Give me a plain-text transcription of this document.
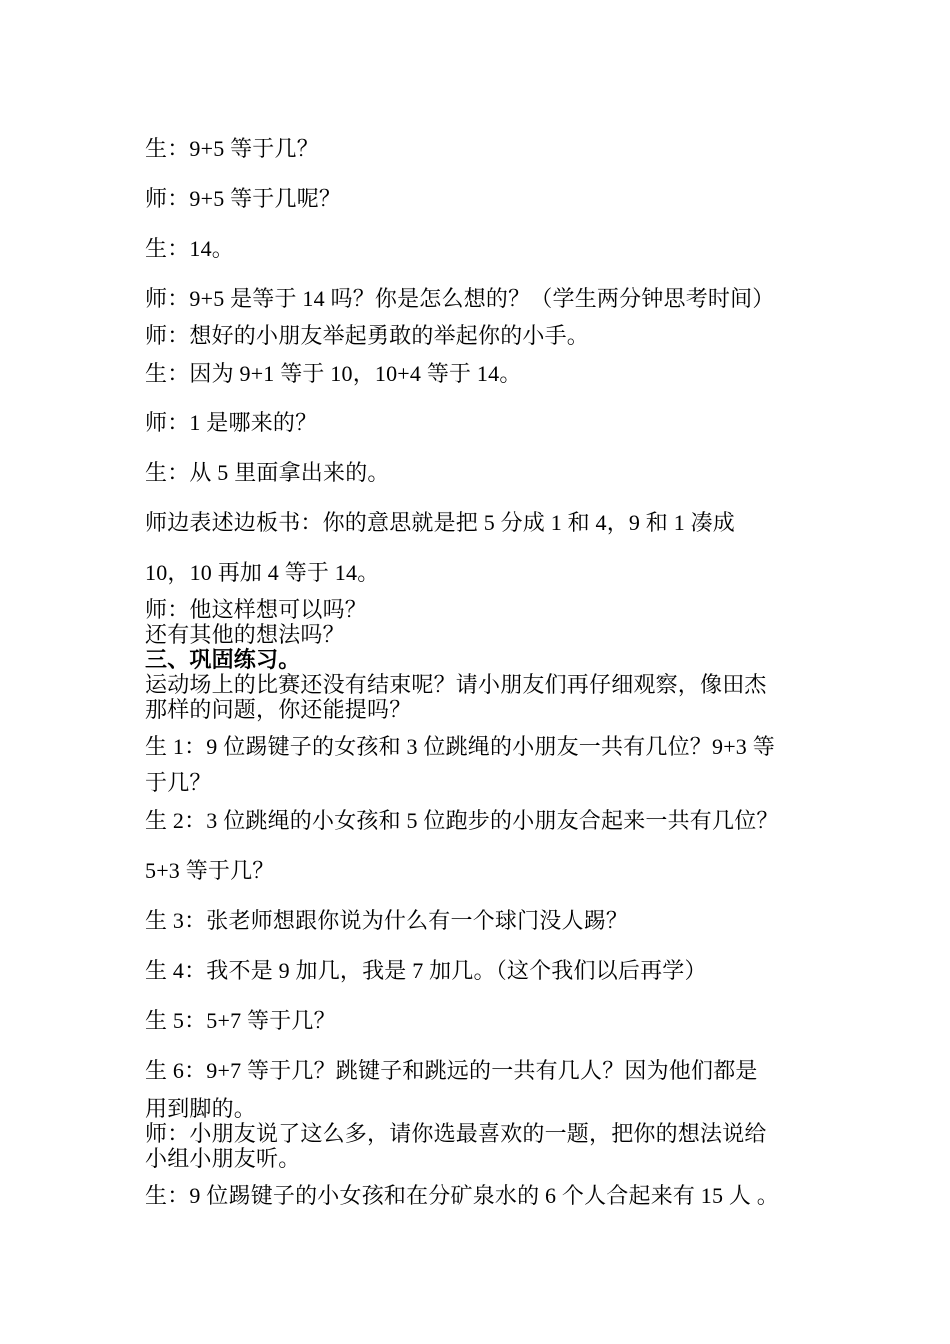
生：9+5 等于几？
师：9+5 等于几呢？
生：14。
师：9+5 是等于 14 吗？你是怎么想的？（学生两分钟思考时间）
师：想好的小朋友举起勇敢的举起你的小手。
生：因为 9+1 等于 10，10+4 等于 14。
师：1 是哪来的？
生：从 5 里面拿出来的。
师边表述边板书：你的意思就是把 5 分成 1 和 4，9 和 1 凑成
10，10 再加 4 等于 14。
师：他这样想可以吗？
还有其他的想法吗？
三、巩固练习。
运动场上的比赛还没有结束呢？请小朋友们再仔细观察，像田杰
那样的问题，你还能提吗？
生 1：9 位踢键子的女孩和 3 位跳绳的小朋友一共有几位？9+3 等
于几？
生 2：3 位跳绳的小女孩和 5 位跑步的小朋友合起来一共有几位？
5+3 等于几？
生 3：张老师想跟你说为什么有一个球门没人踢？
生 4：我不是 9 加几，我是 7 加几。（这个我们以后再学）
生 5：5+7 等于几？
生 6：9+7 等于几？跳键子和跳远的一共有几人？因为他们都是
用到脚的。
师：小朋友说了这么多，请你选最喜欢的一题，把你的想法说给
小组小朋友听。
生：9 位踢键子的小女孩和在分矿泉水的 6 个人合起来有 15 人 。
